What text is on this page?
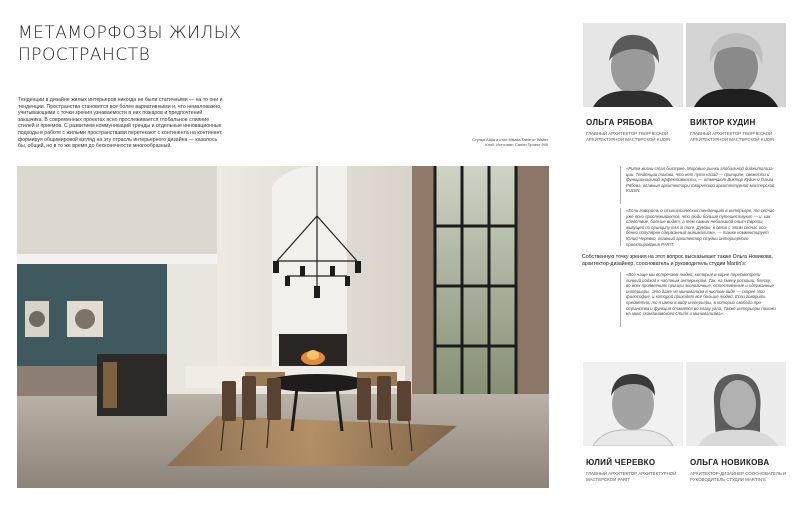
МЕТАМОРФОЗЫ ЖИЛЫХ
ПРОСТРАНСТВ
Тенденции в дизайне жилых интерьеров никогда не были статичными — на то они и тенденции. Пространства становятся все более вариативными и, что немаловажно, учитывающими с точки зрения узнаваемости в них пожаров и предпочтений заказчика. В современных проектах ясно прослеживается глобальное слияние стилей и приемов. С развитием коммуникаций тренды и отдельные инновационные подходы в работе с жилыми пространствами перетекают с континента на континент, формируя общимировой взгляд на эту отрасль интерьерного дизайна — казалось бы, общий, но в то же время до бесконечности многообразный.
Стулья Alaïa и стол Misalla Table от Walter Knoll. Источник: Салон Проект 990
ОЛЬГА РЯБОВА
ГЛАВНЫЙ АРХИТЕКТОР ТВОРЧЕСКОЙ АРХИТЕКТУРНОЙ МАСТЕРСКОЙ KUDIN
ВИКТОР КУДИН
ГЛАВНЫЙ АРХИТЕКТОР ТВОРЧЕСКОЙ АРХИТЕКТУРНОЙ МАСТЕРСКОЙ KUDIN
«Ритм жизни стал быстрее. Мировые рынки глобальной диджитализации. Тенденции такова, что нет пути назад — принципе, свежести и функциональной эффективности, — отмечают Виктор Кудин и Ольга Рябова, главные архитекторы творческой архитектурной мастерской KUDIN.
«Если говорить о стилистических тенденциях в интерьере, то сейчас уже ясно прослеживается, что люди больше путешествуют — и, как следствие, больше видят, а тем самым небольшой опыт Европы, живущей по принципу less is more. Думаю, в связи с этим сейчас особенно популярен сдержанный минимализм», — также комментирует Юлий Черевко, главный архитектор студии интерьерного проектирования PARIT.
Собственную точку зрения на этот вопрос высказывает также Ольга Новикова, архитектор-дизайнер, сооснователь и руководитель студии Martin's:
«Все чаще мы встречаем людей, которые в корне пересмотрели личный подход к частным интерьерам. Так, на смену роскоши, блеску, во всех проявлениях пришли экологичные, естественные и сдержанные интерьеры. Это даже не минимализм в чистом виде — скорее это философия, и которой приходят все больше людей. Если говорить предметно, то я имею в виду интерьеры, в которых свобода пространства и функция ставятся во главу угла. Также интерьеры похожи на микс скандинавского стиля и минимализма».
ЮЛИЙ ЧЕРЕВКО
ГЛАВНЫЙ АРХИТЕКТОР АРХИТЕКТУРНОЙ МАСТЕРСКОЙ PARIT
ОЛЬГА НОВИКОВА
АРХИТЕКТОР-ДИЗАЙНЕР СООСНОВАТЕЛЬ И РУКОВОДИТЕЛЬ СТУДИИ MARTIN'S
